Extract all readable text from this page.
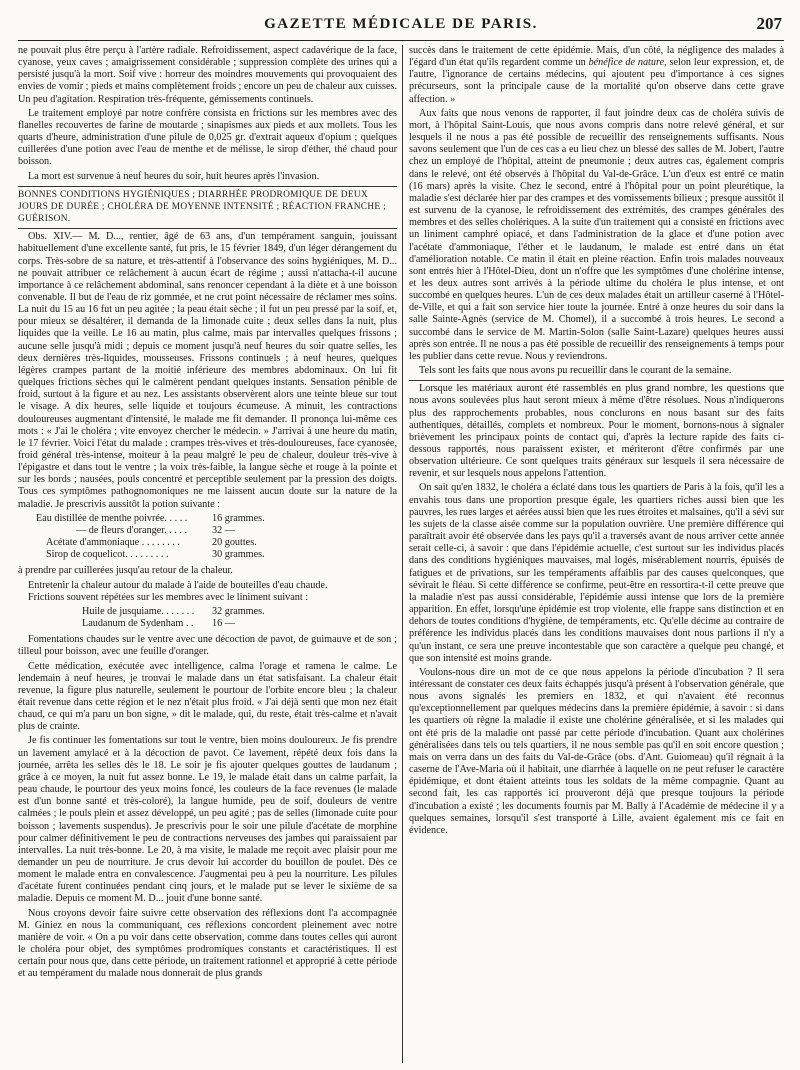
GAZETTE MÉDICALE DE PARIS.	207

ne pouvait plus être perçu à l'artère radiale. Refroidissement, aspect cadavérique de la face, cyanose, yeux caves ; amaigrissement considérable ; suppression complète des urines qui a persisté jusqu'à la mort. Soif vive : horreur des moindres mouvements qui provoquaient des envies de vomir ; pieds et mains complètement froids ; encore un peu de chaleur aux cuisses. Un peu d'agitation. Respiration très-fréquente, gémissements continuels.

Le traitement employé par notre confrère consista en frictions sur les membres avec des flanelles recouvertes de farine de moutarde ; sinapismes aux pieds et aux mollets. Tous les quarts d'heure, administration d'une pilule de 0,025 gr. d'extrait aqueux d'opium ; quelques cuillerées d'une potion avec l'eau de menthe et de mélisse, le sirop d'éther, thé chaud pour boisson.

La mort est survenue à neuf heures du soir, huit heures après l'invasion.

BONNES CONDITIONS HYGIÉNIQUES ; DIARRHÉE PRODROMIQUE DE DEUX JOURS DE DURÉE ; CHOLÉRA DE MOYENNE INTENSITÉ ; RÉACTION FRANCHE ; GUÉRISON.

Obs. XIV.— M. D..., rentier, âgé de 63 ans, d'un tempérament sanguin, jouissant habituellement d'une excellente santé, fut pris, le 15 février 1849, d'un léger dérangement du corps. Très-sobre de sa nature, et très-attentif à l'observance des soins hygiéniques, M. D... ne pouvait attribuer ce relâchement à aucun écart de régime ; aussi n'attacha-t-il aucune importance à ce relâchement abdominal, sans renoncer cependant à la diète et à une boisson convenable. Il but de l'eau de riz gommée, et ne crut point nécessaire de réclamer mes soins. La nuit du 15 au 16 fut un peu agitée ; la peau était sèche ; il fut un peu pressé par la soif, et, pour mieux se désaltérer, il demanda de la limonade cuite ; deux selles dans la nuit, plus liquides que la veille. Le 16 au matin, plus calme, mais par intervalles quelques frissons ; aucune selle jusqu'à midi ; depuis ce moment jusqu'à neuf heures du soir quatre selles, les deux dernières très-liquides, mousseuses. Frissons continuels ; à neuf heures, quelques légères crampes partant de la moitié inférieure des membres abdominaux. On lui fit quelques frictions sèches qui le calmèrent pendant quelques instants. Sensation pénible de froid, surtout à la figure et au nez. Les assistants observèrent alors une teinte bleue sur tout le visage. A dix heures, selle liquide et toujours écumeuse. A minuit, les contractions douloureuses augmentant d'intensité, le malade me fit demander. Il prononça lui-même ces mots : « J'ai le choléra ; vite envoyez chercher le médecin. » J'arrivai à une heure du matin, le 17 février. Voici l'état du malade : crampes très-vives et très-douloureuses, face cyanosée, froid général très-intense, moiteur à la peau malgré le peu de chaleur, douleur très-vive à l'épigastre et dans tout le ventre ; la voix très-faible, la langue sèche et rouge à la pointe et sur les bords ; nausées, pouls concentré et perceptible seulement par la pression des doigts. Tous ces symptômes pathognomoniques ne me laissent aucun doute sur la nature de la maladie. Je prescrivis aussitôt la potion suivante :

Eau distillée de menthe poivrée. . . . .	16 grammes.
— de fleurs d'oranger. . . . .	32 —
Acétate d'ammoniaque . . . . . . . .	20 gouttes.
Sirop de coquelicot. . . . . . . . .	30 grammes.

à prendre par cuillerées jusqu'au retour de la chaleur.

Entretenir la chaleur autour du malade à l'aide de bouteilles d'eau chaude.

Frictions souvent répétées sur les membres avec le liniment suivant :

Huile de jusquiame. . . . . . .	32 grammes.
Laudanum de Sydenham . .	16 —

Fomentations chaudes sur le ventre avec une décoction de pavot, de guimauve et de son ; tilleul pour boisson, avec une feuille d'oranger.

Cette médication, exécutée avec intelligence, calma l'orage et ramena le calme. Le lendemain à neuf heures, je trouvai le malade dans un état satisfaisant. La chaleur était revenue, la figure plus naturelle, seulement le pourtour de l'orbite encore bleu ; la chaleur était revenue dans cette région et le nez n'était plus froid. « J'ai déjà senti que mon nez était chaud, ce qui m'a paru un bon signe, » dit le malade, qui, du reste, était très-calme et n'avait plus de crainte.

Je fis continuer les fomentations sur tout le ventre, bien moins douloureux. Je fis prendre un lavement amylacé et à la décoction de pavot. Ce lavement, répété deux fois dans la journée, arrêta les selles dès le 18. Le soir je fis ajouter quelques gouttes de laudanum ; grâce à ce moyen, la nuit fut assez bonne. Le 19, le malade était dans un calme parfait, la peau chaude, le pourtour des yeux moins foncé, les couleurs de la face revenues (le malade est d'un bonne santé et très-coloré), la langue humide, peu de soif, douleurs de ventre calmées ; le pouls plein et assez développé, un peu agité ; pas de selles (limonade cuite pour boisson ; lavements suspendus). Je prescrivis pour le soir une pilule d'acétate de morphine pour calmer définitivement le peu de contractions nerveuses des jambes qui paraissaient par intervalles. La nuit très-bonne. Le 20, à ma visite, le malade me reçoit avec plaisir pour me demander un peu de nourriture. Je crus devoir lui accorder du bouillon de poulet. Dès ce moment le malade entra en convalescence. J'augmentai peu à peu la nourriture. Les pilules d'acétate furent continuées pendant cinq jours, et le malade put se lever le sixième de sa maladie. Depuis ce moment M. D... jouit d'une bonne santé.

Nous croyons devoir faire suivre cette observation des réflexions dont l'a accompagnée M. Giniez en nous la communiquant, ces réflexions concordent pleinement avec notre manière de voir. « On a pu voir dans cette observation, comme dans toutes celles qui auront le choléra pour objet, des symptômes prodromiques constants et caractéristiques. Il est certain pour nous que, dans cette période, un traitement rationnel et approprié à cette période et au tempérament du malade nous donnerait de plus grands

succès dans le traitement de cette épidémie. Mais, d'un côté, la négligence des malades à l'égard d'un état qu'ils regardent comme un bénéfice de nature, selon leur expression, et, de l'autre, l'ignorance de certains médecins, qui ajoutent peu d'importance à ces signes précurseurs, sont la principale cause de la mortalité qu'on observe dans cette grave affection. »

Aux faits que nous venons de rapporter, il faut joindre deux cas de choléra suivis de mort, à l'hôpital Saint-Louis, que nous avons compris dans notre relevé général, et sur lesquels il ne nous a pas été possible de recueillir des renseignements suffisants. Nous savons seulement que l'un de ces cas a eu lieu chez un blessé des salles de M. Jobert, l'autre chez un employé de l'hôpital, atteint de pneumonie ; deux autres cas, également compris dans le relevé, ont été observés à l'hôpital du Val-de-Grâce. L'un d'eux est entré ce matin (16 mars) après la visite. Chez le second, entré à l'hôpital pour un point pleurétique, la maladie s'est déclarée hier par des crampes et des vomissements bilieux ; presque aussitôt il est survenu de la cyanose, le refroidissement des extrémités, des crampes générales des membres et des selles cholériques. A la suite d'un traitement qui a consisté en frictions avec un liniment camphré opiacé, et dans l'administration de la glace et d'une potion avec l'acétate d'ammoniaque, l'éther et le laudanum, le malade est entré dans un état d'amélioration notable. Ce matin il était en pleine réaction. Enfin trois malades nouveaux sont entrés hier à l'Hôtel-Dieu, dont un n'offre que les symptômes d'une cholérine intense, et les deux autres sont arrivés à la période ultime du choléra le plus intense, et ont succombé en quelques heures. L'un de ces deux malades était un artilleur caserné à l'Hôtel-de-Ville, et qui a fait son service hier toute la journée. Entré à onze heures du soir dans la salle Sainte-Agnès (service de M. Chomel), il a succombé à trois heures. Le second a succombé dans le service de M. Martin-Solon (salle Saint-Lazare) quelques heures aussi après son entrée. Il ne nous a pas été possible de recueillir des renseignements à temps pour les publier dans cette revue. Nous y reviendrons.

Tels sont les faits que nous avons pu recueillir dans le courant de la semaine.

Lorsque les matériaux auront été rassemblés en plus grand nombre, les questions que nous avons soulevées plus haut seront mieux à même d'être résolues. Nous n'indiquerons plus des rapprochements probables, nous conclurons en nous basant sur des faits authentiques, détaillés, complets et nombreux. Pour le moment, bornons-nous à signaler brièvement les principaux points de contact qui, d'après la lecture rapide des faits ci-dessous rapportés, nous paraissent exister, et mériteront d'être confirmés par une observation ultérieure. Ce sont quelques traits généraux sur lesquels il sera nécessaire de revenir, et sur lesquels nous appelons l'attention.

On sait qu'en 1832, le choléra a éclaté dans tous les quartiers de Paris à la fois, qu'il les a envahis tous dans une proportion presque égale, les quartiers riches aussi bien que les pauvres, les rues larges et aérées aussi bien que les rues étroites et malsaines, qu'il a sévi sur les sujets de la classe aisée comme sur la population ouvrière. Une première différence qui paraîtrait avoir été observée dans les pays qu'il a traversés avant de nous arriver cette année serait celle-ci, à savoir : que dans l'épidémie actuelle, c'est surtout sur les individus placés dans des conditions hygiéniques mauvaises, mal logés, misérablement nourris, épuisés de fatigues et de privations, sur les tempéraments affaiblis par des causes quelconques, que sévirait le fléau. Si cette différence se confirme, peut-être en ressortira-t-il cette preuve que la maladie n'est pas aussi considérable, l'épidémie aussi intense que lors de la première apparition. En effet, lorsqu'une épidémie est trop violente, elle frappe sans distinction et en dehors de toutes conditions d'hygiène, de tempéraments, etc. Qu'elle décime au contraire de préférence les individus placés dans les conditions mauvaises dont nous parlions il n'y a qu'un instant, ce sera une preuve incontestable que son caractère a quelque peu changé, et que son intensité est moins grande.

Voulons-nous dire un mot de ce que nous appelons la période d'incubation ? Il sera intéressant de constater ces deux faits échappés jusqu'à présent à l'observation générale, que nous avons signalés les premiers en 1832, et qui n'avaient été reconnus qu'exceptionnellement par quelques médecins dans la première épidémie, à savoir : si dans les quartiers où règne la maladie il existe une cholérine généralisée, et si les malades qui ont été pris de la maladie ont passé par cette période d'incubation. Quant aux cholérines généralisées dans tels ou tels quartiers, il ne nous semble pas qu'il en soit encore question ; mais on verra dans un des faits du Val-de-Grâce (obs. d'Ant. Guiomeau) qu'il régnait à la caserne de l'Ave-Maria où il habitait, une diarrhée à laquelle on ne peut refuser le caractère épidémique, et dont étaient atteints tous les soldats de la même compagnie. Quant au second fait, les cas rapportés ici prouveront déjà que presque toujours la période d'incubation a existé ; les documents fournis par M. Bally à l'Académie de médecine il y a quelques semaines, lorsqu'il s'est transporté à Lille, avaient également mis ce fait en évidence.
